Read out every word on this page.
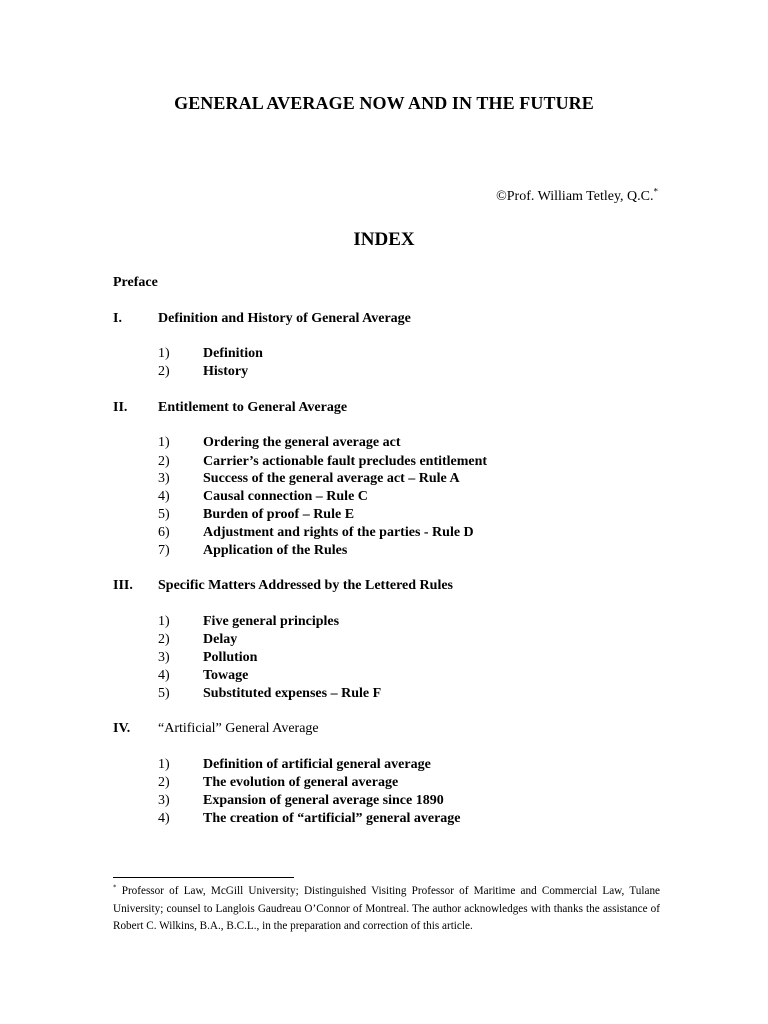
GENERAL AVERAGE NOW AND IN THE FUTURE
©Prof. William Tetley, Q.C.*
INDEX
Preface
I.	Definition and History of General Average
1) Definition
2) History
II. Entitlement to General Average
1) Ordering the general average act
2) Carrier’s actionable fault precludes entitlement
3) Success of the general average act – Rule A
4) Causal connection – Rule C
5) Burden of proof – Rule E
6) Adjustment and rights of the parties - Rule D
7) Application of the Rules
III. Specific Matters Addressed by the Lettered Rules
1) Five general principles
2) Delay
3) Pollution
4) Towage
5) Substituted expenses – Rule F
IV. “Artificial” General Average
1) Definition of artificial general average
2) The evolution of general average
3) Expansion of general average since 1890
4) The creation of “artificial” general average
* Professor of Law, McGill University; Distinguished Visiting Professor of Maritime and Commercial Law, Tulane University; counsel to Langlois Gaudreau O’Connor of Montreal. The author acknowledges with thanks the assistance of Robert C. Wilkins, B.A., B.C.L., in the preparation and correction of this article.
